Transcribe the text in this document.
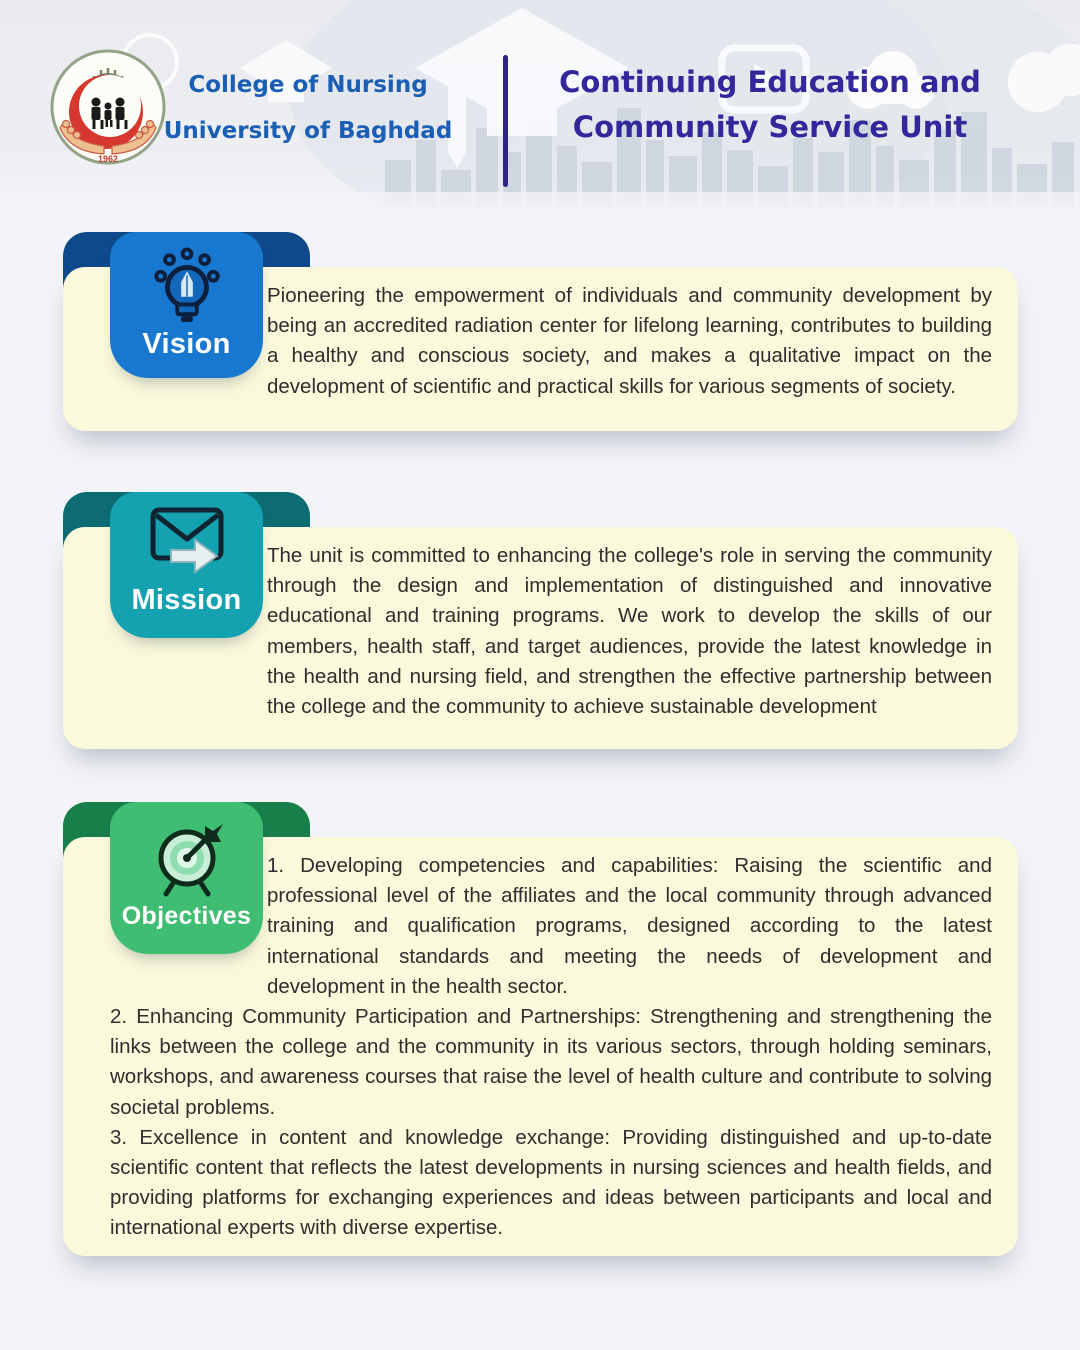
1962
College of Nursing
University of Baghdad
Continuing Education and
Community Service Unit

Pioneering the empowerment of individuals and community development by being an accredited radiation center for lifelong learning, contributes to building a healthy and conscious society, and makes a qualitative impact on the development of scientific and practical skills for various segments of society.

Vision

The unit is committed to enhancing the college's role in serving the community through the design and implementation of distinguished and innovative educational and training programs. We work to develop the skills of our members, health staff, and target audiences, provide the latest knowledge in the health and nursing field, and strengthen the effective partnership between the college and the community to achieve sustainable development

Mission

1. Developing competencies and capabilities: Raising the scientific and professional level of the affiliates and the local community through advanced training and qualification programs, designed according to the latest international standards and meeting the needs of development and development in the health sector.

2. Enhancing Community Participation and Partnerships: Strengthening and strengthening the links between the college and the community in its various sectors, through holding seminars, workshops, and awareness courses that raise the level of health culture and contribute to solving societal problems.

3. Excellence in content and knowledge exchange: Providing distinguished and up-to-date scientific content that reflects the latest developments in nursing sciences and health fields, and providing platforms for exchanging experiences and ideas between participants and local and international experts with diverse expertise.

Objectives
